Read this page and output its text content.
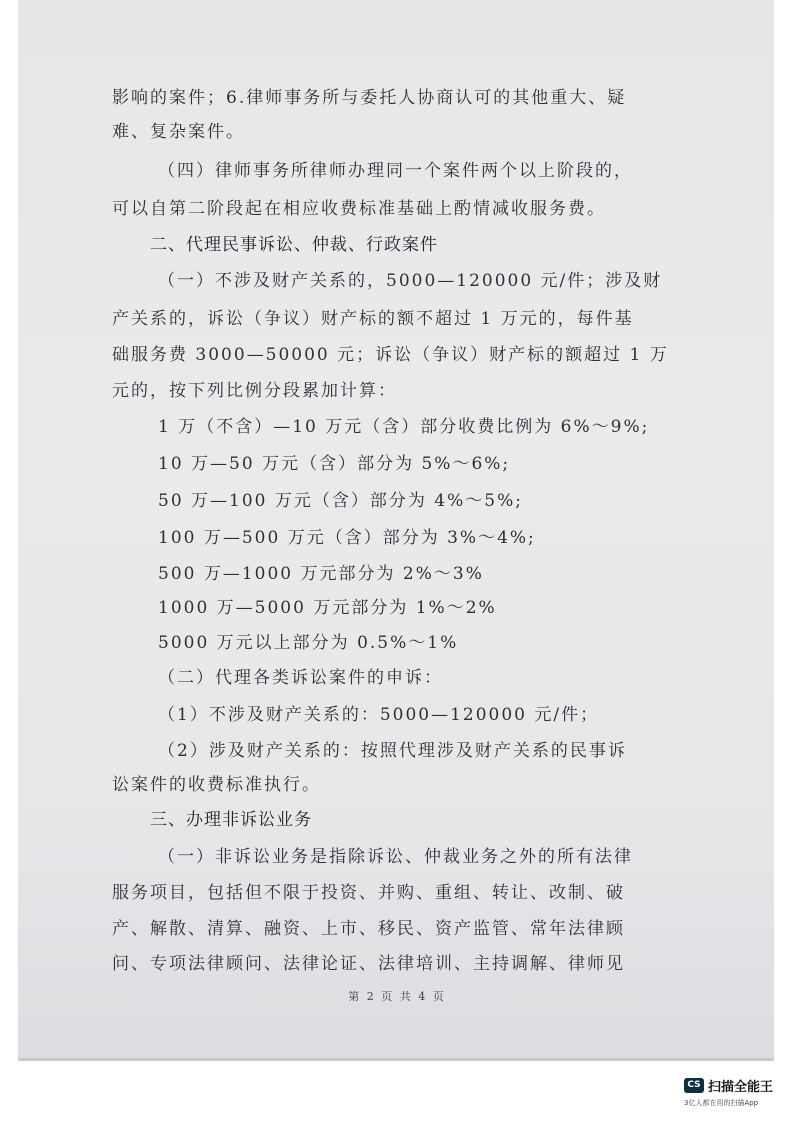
影响的案件；6.律师事务所与委托人协商认可的其他重大、疑
难、复杂案件。
（四）律师事务所律师办理同一个案件两个以上阶段的，
可以自第二阶段起在相应收费标准基础上酌情减收服务费。
二、代理民事诉讼、仲裁、行政案件
（一）不涉及财产关系的，5000—120000 元/件；涉及财
产关系的，诉讼（争议）财产标的额不超过 1 万元的，每件基
础服务费 3000—50000 元；诉讼（争议）财产标的额超过 1 万
元的，按下列比例分段累加计算：
1 万（不含）—10 万元（含）部分收费比例为 6%～9%;
10 万—50 万元（含）部分为 5%～6%;
50 万—100 万元（含）部分为 4%～5%;
100 万—500 万元（含）部分为 3%～4%;
500 万—1000 万元部分为 2%～3%
1000 万—5000 万元部分为 1%～2%
5000 万元以上部分为 0.5%～1%
（二）代理各类诉讼案件的申诉：
（1）不涉及财产关系的：5000—120000 元/件；
（2）涉及财产关系的：按照代理涉及财产关系的民事诉
讼案件的收费标准执行。
三、办理非诉讼业务
（一）非诉讼业务是指除诉讼、仲裁业务之外的所有法律
服务项目，包括但不限于投资、并购、重组、转让、改制、破
产、解散、清算、融资、上市、移民、资产监管、常年法律顾
问、专项法律顾问、法律论证、法律培训、主持调解、律师见
第 2 页 共 4 页
CS 扫描全能王
3亿人都在用的扫描App
